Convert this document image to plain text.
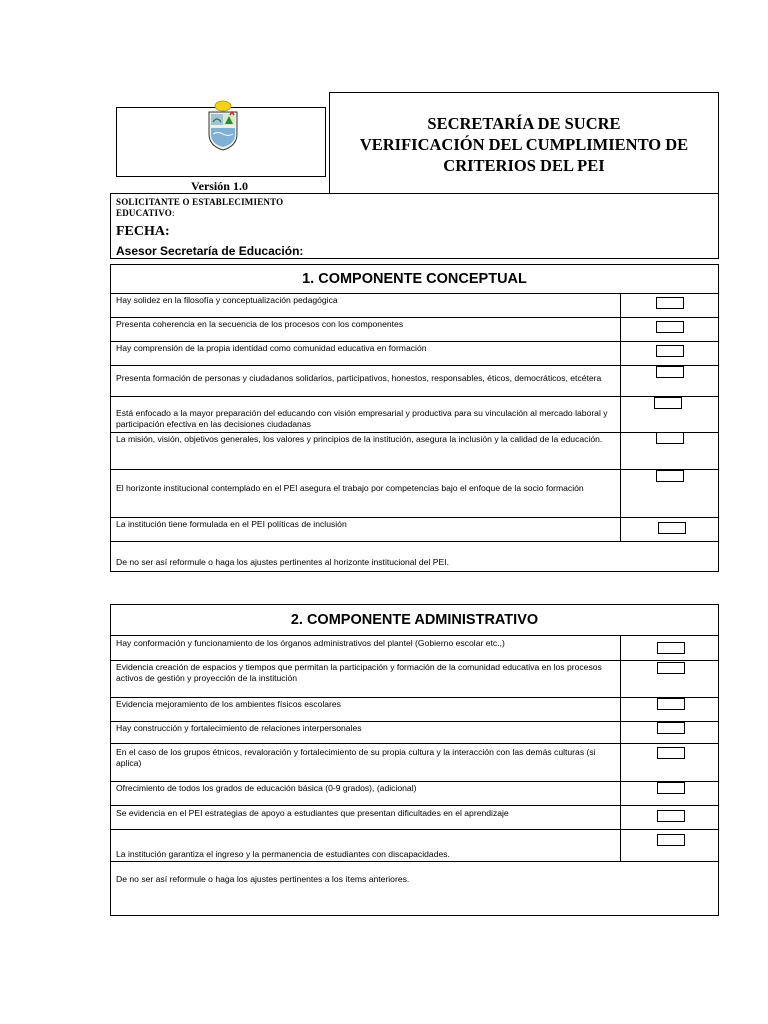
SECRETARÍA DE SUCRE
VERIFICACIÓN DEL CUMPLIMIENTO DE
CRITERIOS DEL PEI
Versión 1.0
SOLICITANTE O ESTABLECIMIENTO
EDUCATIVO:
FECHA:
Asesor Secretaría de Educación:
1. COMPONENTE CONCEPTUAL
Hay solidez en la filosofía y conceptualización pedagógica
Presenta coherencia en la secuencia de los procesos con los componentes
Hay comprensión de la propia identidad como comunidad educativa en formación
Presenta formación de personas y ciudadanos solidarios, participativos, honestos, responsables, éticos, democráticos, etcétera
Está enfocado a la mayor preparación del educando con visión empresarial y productiva para su vinculación al mercado laboral y participación efectiva en las decisiones ciudadanas
La misión, visión, objetivos generales, los valores y principios de la institución, asegura la inclusión y la calidad de la educación.
El horizonte institucional contemplado en el PEI asegura el trabajo por competencias bajo el enfoque de la socio formación
La institución tiene formulada en el PEI políticas de inclusión
De no ser así reformule o haga los ajustes pertinentes al horizonte institucional del PEI.
2. COMPONENTE ADMINISTRATIVO
Hay conformación y funcionamiento de los órganos administrativos del plantel (Gobierno escolar etc.,)
Evidencia creación de espacios y tiempos que permitan la participación y formación de la comunidad educativa en los procesos activos de gestión y proyección de la institución
Evidencia mejoramiento de los ambientes físicos escolares
Hay construcción y fortalecimiento de relaciones interpersonales
En el caso de los grupos étnicos, revaloración y fortalecimiento de su propia cultura y la interacción con las demás culturas (si aplica)
Ofrecimiento de todos los grados de educación básica (0-9 grados), (adicional)
Se evidencia en el PEI estrategias de apoyo a estudiantes que presentan dificultades en el aprendizaje
La institución garantiza el ingreso y la permanencia de estudiantes con discapacidades.
De no ser así reformule o haga los ajustes pertinentes a los ítems anteriores.
